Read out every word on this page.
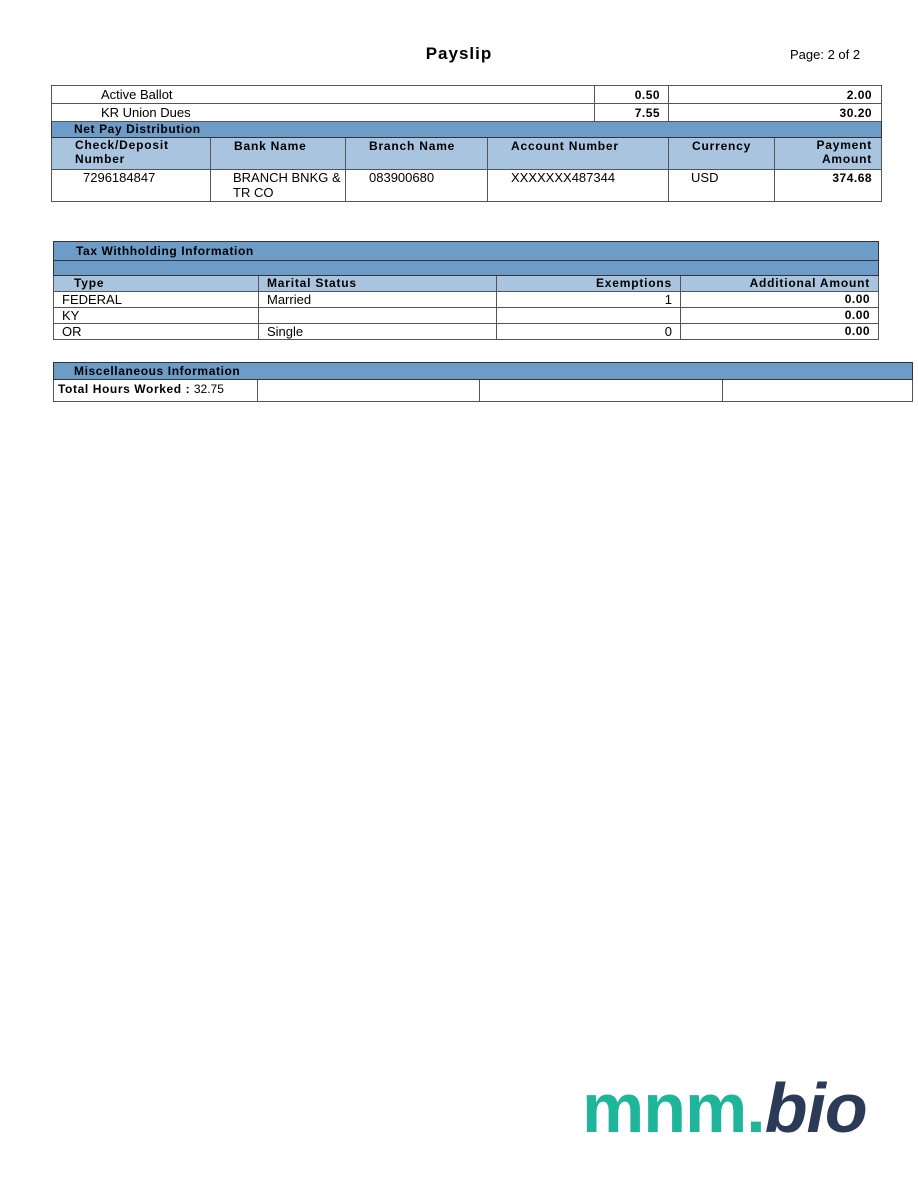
Payslip	Page: 2 of 2
Active Ballot				0.50	2.00	
KR Union Dues				7.55	30.20	
Net Pay Distribution						
Check/Deposit Number	Bank Name	Branch Name	Account Number		Currency	Payment Amount
7296184847	BRANCH BNKG & TR CO	083900680	XXXXXXX487344		USD	374.68
Tax Withholding Information			

Type	Marital Status	Exemptions	Additional Amount
FEDERAL	Married	1	0.00
KY			0.00
OR	Single	0	0.00
Miscellaneous Information
Total Hours Worked : 32.75			
mnm.bio
